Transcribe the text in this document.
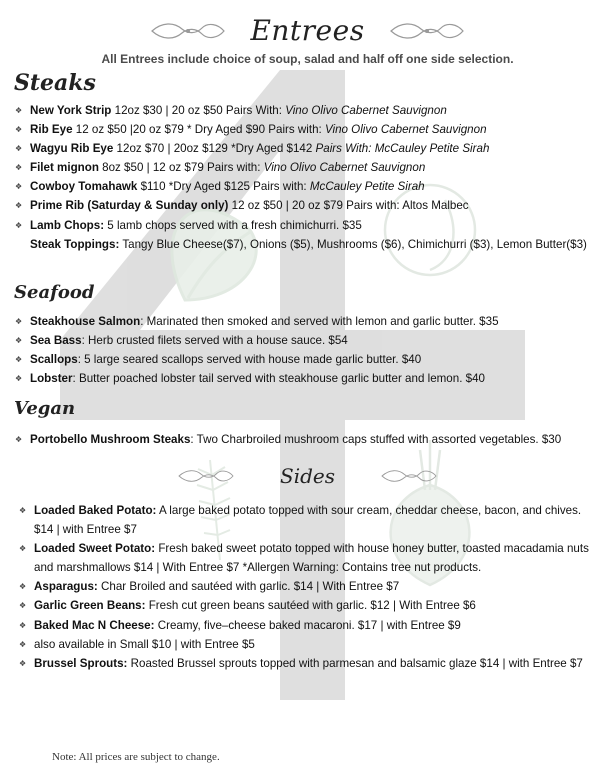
Entrees
All Entrees include choice of soup, salad and half off one side selection.
Steaks
❖ New York Strip 12oz $30 | 20 oz $50 Pairs With: Vino Olivo Cabernet Sauvignon
❖ Rib Eye 12 oz $50 |20 oz $79 * Dry Aged $90 Pairs with: Vino Olivo Cabernet Sauvignon
❖ Wagyu Rib Eye 12oz $70 | 20oz $129 *Dry Aged $142 Pairs With: McCauley Petite Sirah
❖ Filet mignon 8oz $50 | 12 oz $79 Pairs with: Vino Olivo Cabernet Sauvignon
❖ Cowboy Tomahawk $110 *Dry Aged $125 Pairs with: McCauley Petite Sirah
❖ Prime Rib (Saturday & Sunday only) 12 oz $50 | 20 oz $79 Pairs with: Altos Malbec
❖ Lamb Chops: 5 lamb chops served with a fresh chimichurri. $35
Steak Toppings: Tangy Blue Cheese($7), Onions ($5), Mushrooms ($6), Chimichurri ($3), Lemon Butter($3)
Seafood
❖ Steakhouse Salmon: Marinated then smoked and served with lemon and garlic butter. $35
❖ Sea Bass: Herb crusted filets served with a house sauce. $54
❖ Scallops: 5 large seared scallops served with house made garlic butter. $40
❖ Lobster: Butter poached lobster tail served with steakhouse garlic butter and lemon. $40
Vegan
❖ Portobello Mushroom Steaks: Two Charbroiled mushroom caps stuffed with assorted vegetables. $30
Sides
❖ Loaded Baked Potato: A large baked potato topped with sour cream, cheddar cheese, bacon, and chives. $14 | with Entree $7
❖ Loaded Sweet Potato: Fresh baked sweet potato topped with house honey butter, toasted macadamia nuts and marshmallows $14 | With Entree $7 *Allergen Warning: Contains tree nut products.
❖ Asparagus: Char Broiled and sautéed with garlic. $14 | With Entree $7
❖ Garlic Green Beans: Fresh cut green beans sautéed with garlic. $12 | With Entree $6
❖ Baked Mac N Cheese: Creamy, five–cheese baked macaroni. $17 | with Entree $9
❖ also available in Small $10 | with Entree $5
❖ Brussel Sprouts: Roasted Brussel sprouts topped with parmesan and balsamic glaze $14 | with Entree $7
Note: All prices are subject to change.
